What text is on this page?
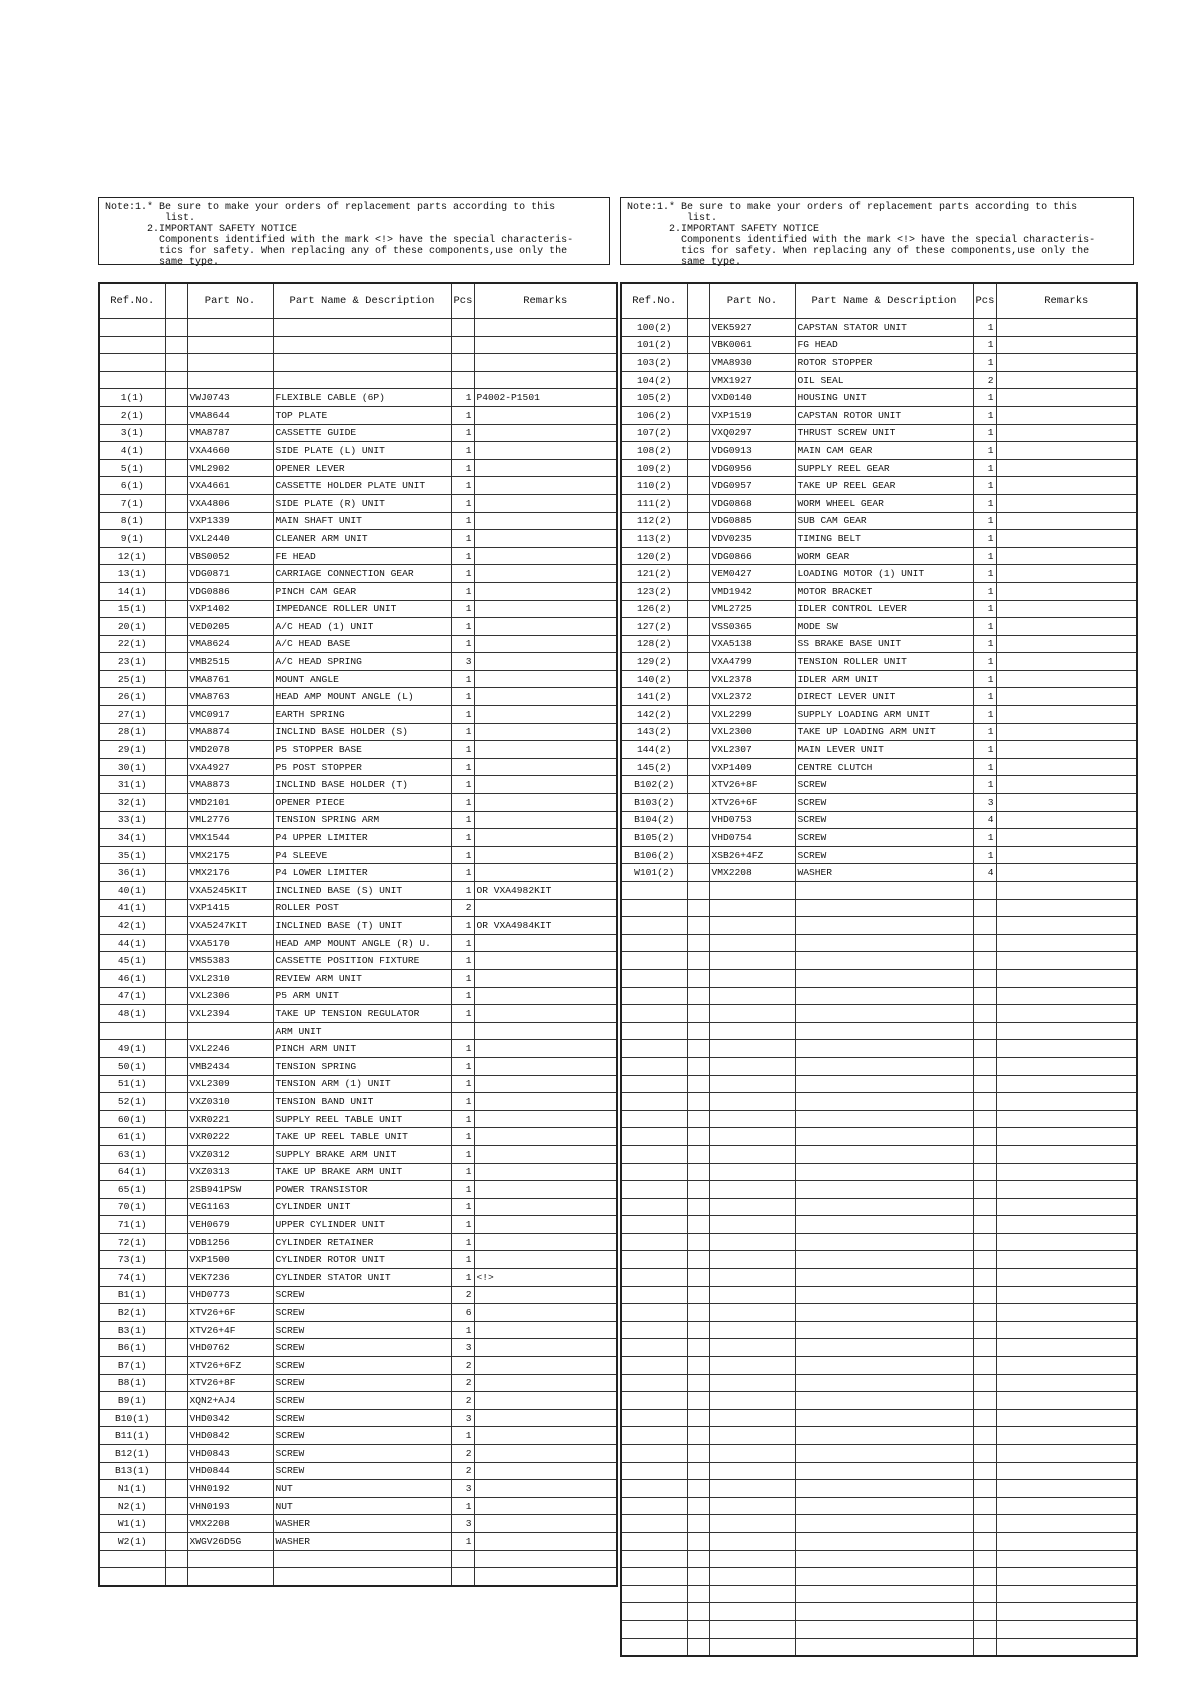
Note:1.* Be sure to make your orders of replacement parts according to this
list.
2.IMPORTANT SAFETY NOTICE
Components identified with the mark <!> have the special characteris-
tics for safety. When replacing any of these components,use only the
same type.
Note:1.* Be sure to make your orders of replacement parts according to this
list.
2.IMPORTANT SAFETY NOTICE
Components identified with the mark <!> have the special characteris-
tics for safety. When replacing any of these components,use only the
same type.
Ref.No.		Part No.	Part Name & Description	Pcs	Remarks

1(1)		VWJ0743	FLEXIBLE CABLE (6P)	1	P4002-P1501
2(1)		VMA8644	TOP PLATE	1	
3(1)		VMA8787	CASSETTE GUIDE	1	
4(1)		VXA4660	SIDE PLATE (L) UNIT	1	
5(1)		VML2902	OPENER LEVER	1	
6(1)		VXA4661	CASSETTE HOLDER PLATE UNIT	1	
7(1)		VXA4806	SIDE PLATE (R) UNIT	1	
8(1)		VXP1339	MAIN SHAFT UNIT	1	
9(1)		VXL2440	CLEANER ARM UNIT	1	
12(1)		VBS0052	FE HEAD	1	
13(1)		VDG0871	CARRIAGE CONNECTION GEAR	1	
14(1)		VDG0886	PINCH CAM GEAR	1	
15(1)		VXP1402	IMPEDANCE ROLLER UNIT	1	
20(1)		VED0205	A/C HEAD (1) UNIT	1	
22(1)		VMA8624	A/C HEAD BASE	1	
23(1)		VMB2515	A/C HEAD SPRING	3	
25(1)		VMA8761	MOUNT ANGLE	1	
26(1)		VMA8763	HEAD AMP MOUNT ANGLE (L)	1	
27(1)		VMC0917	EARTH SPRING	1	
28(1)		VMA8874	INCLIND BASE HOLDER (S)	1	
29(1)		VMD2078	P5 STOPPER BASE	1	
30(1)		VXA4927	P5 POST STOPPER	1	
31(1)		VMA8873	INCLIND BASE HOLDER (T)	1	
32(1)		VMD2101	OPENER PIECE	1	
33(1)		VML2776	TENSION SPRING ARM	1	
34(1)		VMX1544	P4 UPPER LIMITER	1	
35(1)		VMX2175	P4 SLEEVE	1	
36(1)		VMX2176	P4 LOWER LIMITER	1	
40(1)		VXA5245KIT	INCLINED BASE (S) UNIT	1	OR VXA4982KIT
41(1)		VXP1415	ROLLER POST	2	
42(1)		VXA5247KIT	INCLINED BASE (T) UNIT	1	OR VXA4984KIT
44(1)		VXA5170	HEAD AMP MOUNT ANGLE (R) U.	1	
45(1)		VMS5383	CASSETTE POSITION FIXTURE	1	
46(1)		VXL2310	REVIEW ARM UNIT	1	
47(1)		VXL2306	P5 ARM UNIT	1	
48(1)		VXL2394	TAKE UP TENSION REGULATOR	1	
			ARM UNIT		
49(1)		VXL2246	PINCH ARM UNIT	1	
50(1)		VMB2434	TENSION SPRING	1	
51(1)		VXL2309	TENSION ARM (1) UNIT	1	
52(1)		VXZ0310	TENSION BAND UNIT	1	
60(1)		VXR0221	SUPPLY REEL TABLE UNIT	1	
61(1)		VXR0222	TAKE UP REEL TABLE UNIT	1	
63(1)		VXZ0312	SUPPLY BRAKE ARM UNIT	1	
64(1)		VXZ0313	TAKE UP BRAKE ARM UNIT	1	
65(1)		2SB941PSW	POWER TRANSISTOR	1	
70(1)		VEG1163	CYLINDER UNIT	1	
71(1)		VEH0679	UPPER CYLINDER UNIT	1	
72(1)		VDB1256	CYLINDER RETAINER	1	
73(1)		VXP1500	CYLINDER ROTOR UNIT	1	
74(1)		VEK7236	CYLINDER STATOR UNIT	1	<!>
B1(1)		VHD0773	SCREW	2	
B2(1)		XTV26+6F	SCREW	6	
B3(1)		XTV26+4F	SCREW	1	
B6(1)		VHD0762	SCREW	3	
B7(1)		XTV26+6FZ	SCREW	2	
B8(1)		XTV26+8F	SCREW	2	
B9(1)		XQN2+AJ4	SCREW	2	
B10(1)		VHD0342	SCREW	3	
B11(1)		VHD0842	SCREW	1	
B12(1)		VHD0843	SCREW	2	
B13(1)		VHD0844	SCREW	2	
N1(1)		VHN0192	NUT	3	
N2(1)		VHN0193	NUT	1	
W1(1)		VMX2208	WASHER	3	
W2(1)		XWGV26D5G	WASHER	1	

Ref.No.		Part No.	Part Name & Description	Pcs	Remarks
100(2)		VEK5927	CAPSTAN STATOR UNIT	1	
101(2)		VBK0061	FG HEAD	1	
103(2)		VMA8930	ROTOR STOPPER	1	
104(2)		VMX1927	OIL SEAL	2	
105(2)		VXD0140	HOUSING UNIT	1	
106(2)		VXP1519	CAPSTAN ROTOR UNIT	1	
107(2)		VXQ0297	THRUST SCREW UNIT	1	
108(2)		VDG0913	MAIN CAM GEAR	1	
109(2)		VDG0956	SUPPLY REEL GEAR	1	
110(2)		VDG0957	TAKE UP REEL GEAR	1	
111(2)		VDG0868	WORM WHEEL GEAR	1	
112(2)		VDG0885	SUB CAM GEAR	1	
113(2)		VDV0235	TIMING BELT	1	
120(2)		VDG0866	WORM GEAR	1	
121(2)		VEM0427	LOADING MOTOR (1) UNIT	1	
123(2)		VMD1942	MOTOR BRACKET	1	
126(2)		VML2725	IDLER CONTROL LEVER	1	
127(2)		VSS0365	MODE SW	1	
128(2)		VXA5138	SS BRAKE BASE UNIT	1	
129(2)		VXA4799	TENSION ROLLER UNIT	1	
140(2)		VXL2378	IDLER ARM UNIT	1	
141(2)		VXL2372	DIRECT LEVER UNIT	1	
142(2)		VXL2299	SUPPLY LOADING ARM UNIT	1	
143(2)		VXL2300	TAKE UP LOADING ARM UNIT	1	
144(2)		VXL2307	MAIN LEVER UNIT	1	
145(2)		VXP1409	CENTRE CLUTCH	1	
B102(2)		XTV26+8F	SCREW	1	
B103(2)		XTV26+6F	SCREW	3	
B104(2)		VHD0753	SCREW	4	
B105(2)		VHD0754	SCREW	1	
B106(2)		XSB26+4FZ	SCREW	1	
W101(2)		VMX2208	WASHER	4	
